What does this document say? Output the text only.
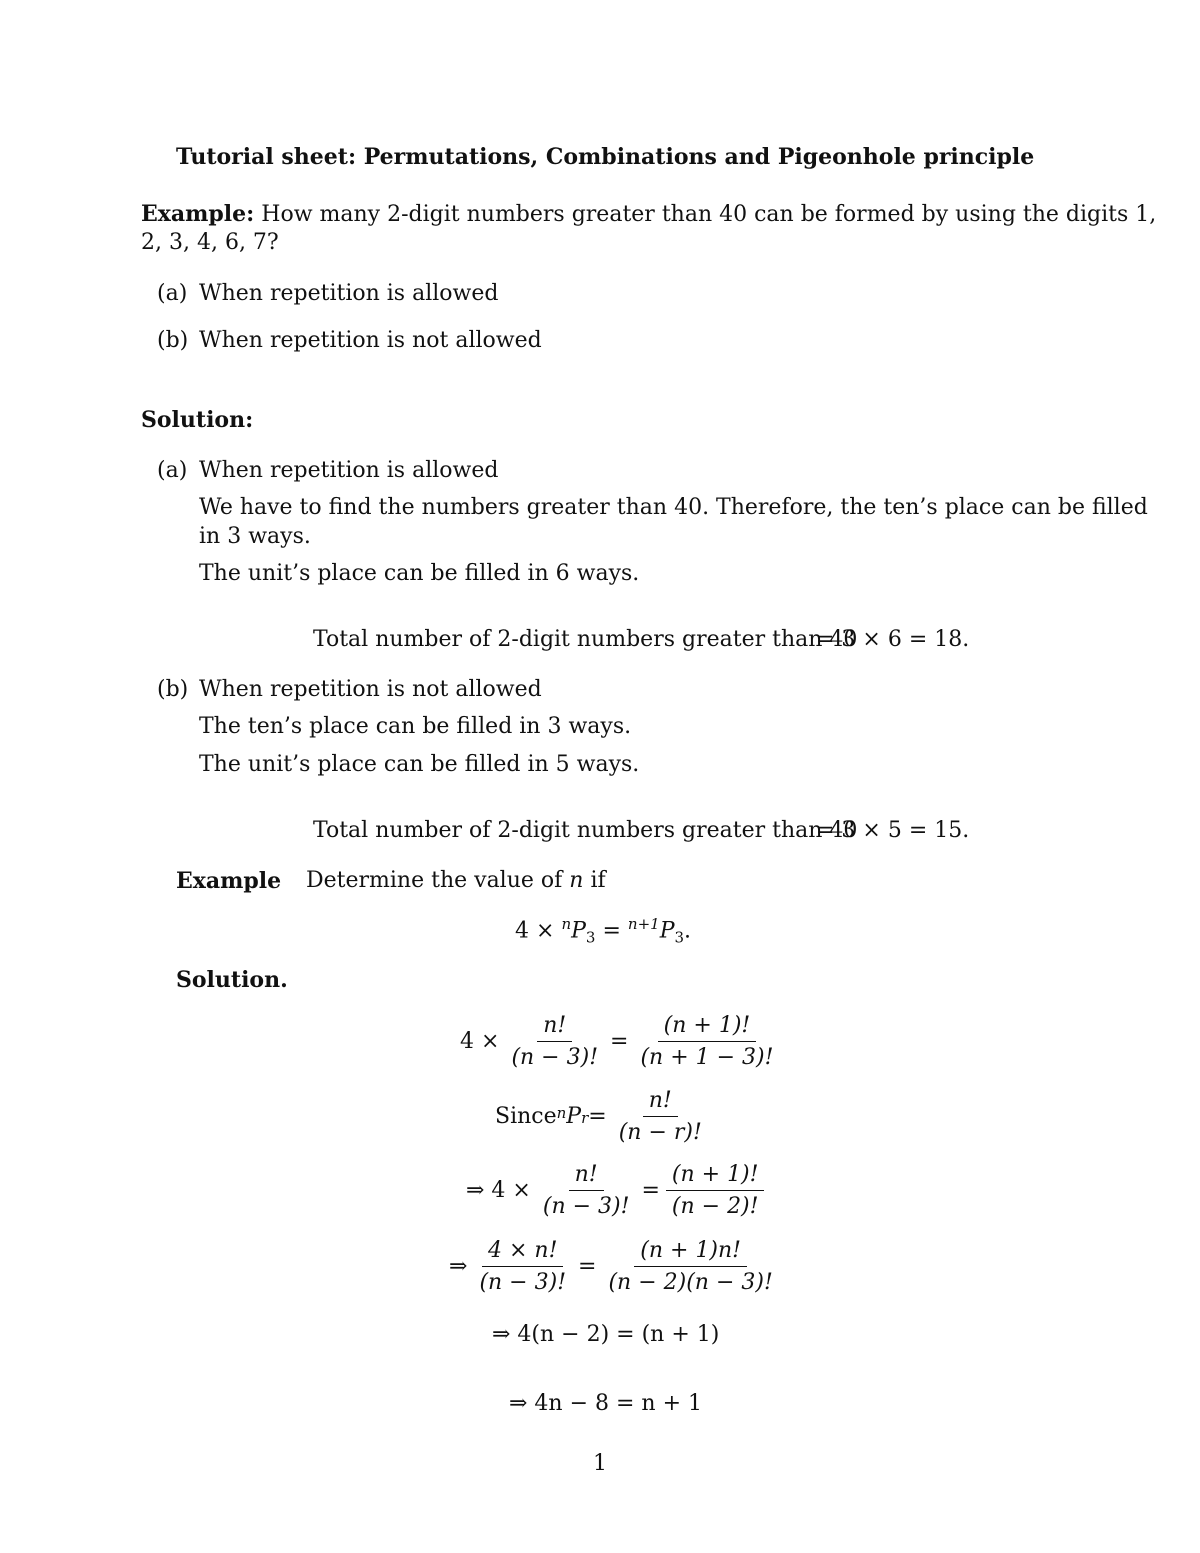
Tutorial sheet: Permutations, Combinations and Pigeonhole principle
Example: How many 2-digit numbers greater than 40 can be formed by using the digits 1,
2, 3, 4, 6, 7?
(a) When repetition is allowed
(b) When repetition is not allowed
Solution:
(a) When repetition is allowed
We have to find the numbers greater than 40. Therefore, the ten’s place can be filled
in 3 ways.
The unit’s place can be filled in 6 ways.
Total number of 2-digit numbers greater than 40
= 3 × 6 = 18.
(b) When repetition is not allowed
The ten’s place can be filled in 3 ways.
The unit’s place can be filled in 5 ways.
Total number of 2-digit numbers greater than 40
= 3 × 5 = 15.
Example Determine the value of n if
$4 \times ^nP_3 = ^{n+1}P_3$.
Solution.
$4 \times \frac{n!}{(n - 3)!} = \frac{(n + 1)!}{(n + 1 - 3)!}$
Since n P $r = \frac{n!}{(n - r)!}$
⇒ $4 \times \frac{n!}{(n - 3)!} = \frac{(n + 1)!}{(n - 2)!}$
⇒ $\frac{4 \times n!}{(n - 3)!} = \frac{(n + 1)n!}{(n - 2)(n - 3)!}$
⇒ 4(n − 2) = (n + 1)
⇒ 4n − 8 = n + 1
1
